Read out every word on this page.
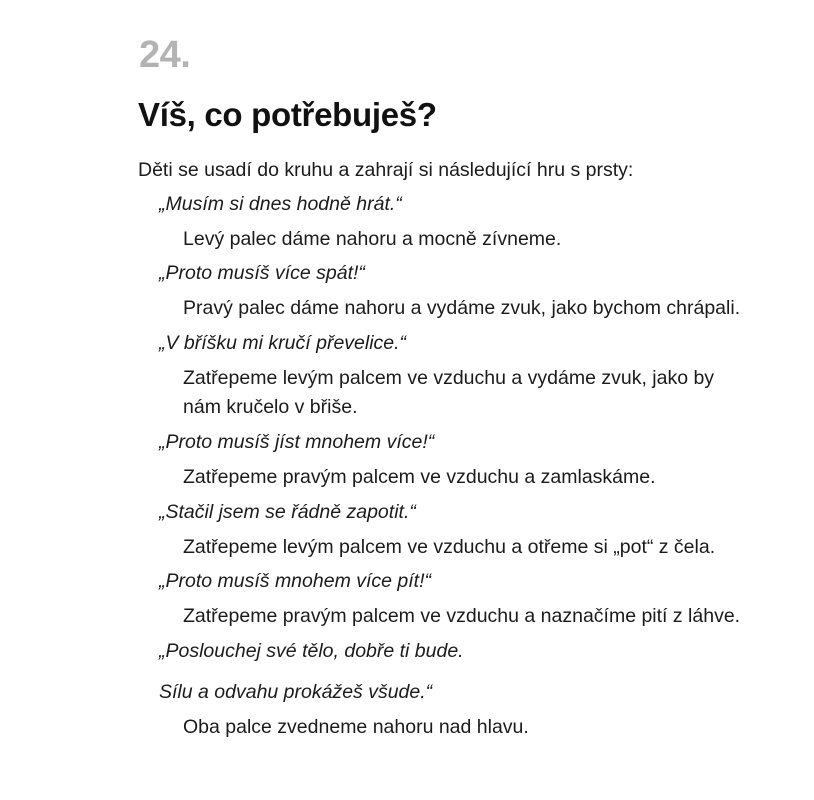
24.
Víš, co potřebuješ?
Děti se usadí do kruhu a zahrají si následující hru s prsty:
„Musím si dnes hodně hrát.“
Levý palec dáme nahoru a mocně zívneme.
„Proto musíš více spát!“
Pravý palec dáme nahoru a vydáme zvuk, jako bychom chrápali.
„V bříšku mi kručí převelice.“
Zatřepeme levým palcem ve vzduchu a vydáme zvuk, jako by nám kručelo v břiše.
„Proto musíš jíst mnohem více!“
Zatřepeme pravým palcem ve vzduchu a zamlaskáme.
„Stačil jsem se řádně zapotit.“
Zatřepeme levým palcem ve vzduchu a otřeme si „pot“ z čela.
„Proto musíš mnohem více pít!“
Zatřepeme pravým palcem ve vzduchu a naznačíme pití z láhve.
„Poslouchej své tělo, dobře ti bude.
Sílu a odvahu prokážeš všude.“
Oba palce zvedneme nahoru nad hlavu.
